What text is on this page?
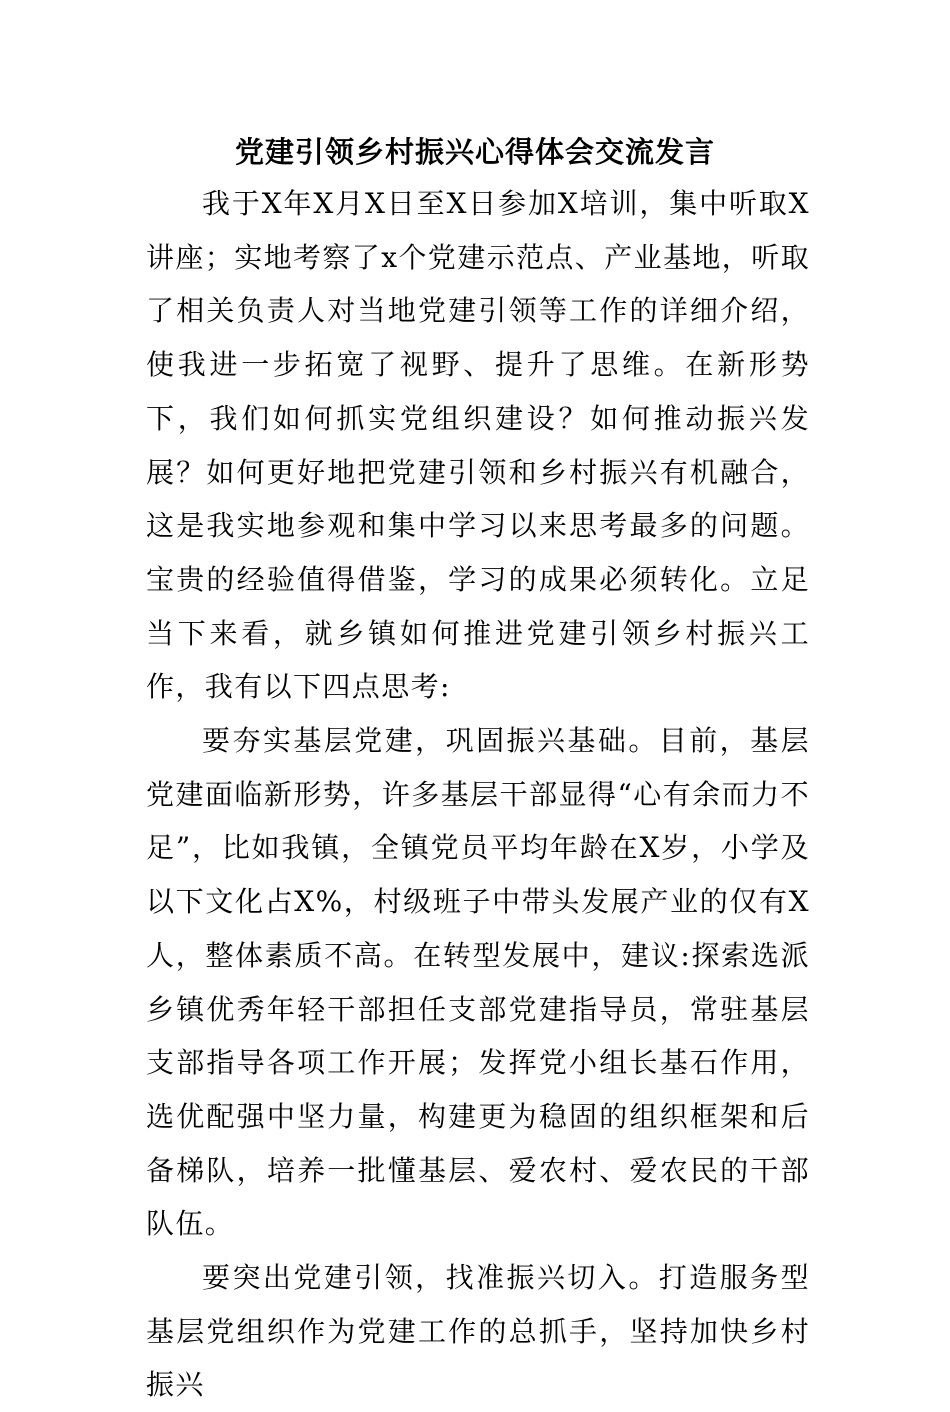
党建引领乡村振兴心得体会交流发言

我于X年X月X日至X日参加X培训，集中听取X讲座；实地考察了x个党建示范点、产业基地，听取了相关负责人对当地党建引领等工作的详细介绍，使我进一步拓宽了视野、提升了思维。在新形势下，我们如何抓实党组织建设？如何推动振兴发展？如何更好地把党建引领和乡村振兴有机融合，这是我实地参观和集中学习以来思考最多的问题。宝贵的经验值得借鉴，学习的成果必须转化。立足当下来看，就乡镇如何推进党建引领乡村振兴工作，我有以下四点思考:

要夯实基层党建，巩固振兴基础。目前，基层党建面临新形势，许多基层干部显得“心有余而力不足”，比如我镇，全镇党员平均年龄在X岁，小学及以下文化占X%，村级班子中带头发展产业的仅有X人，整体素质不高。在转型发展中，建议:探索选派乡镇优秀年轻干部担任支部党建指导员，常驻基层支部指导各项工作开展；发挥党小组长基石作用，选优配强中坚力量，构建更为稳固的组织框架和后备梯队，培养一批懂基层、爱农村、爱农民的干部队伍。

要突出党建引领，找准振兴切入。打造服务型基层党组织作为党建工作的总抓手，坚持加快乡村振兴
